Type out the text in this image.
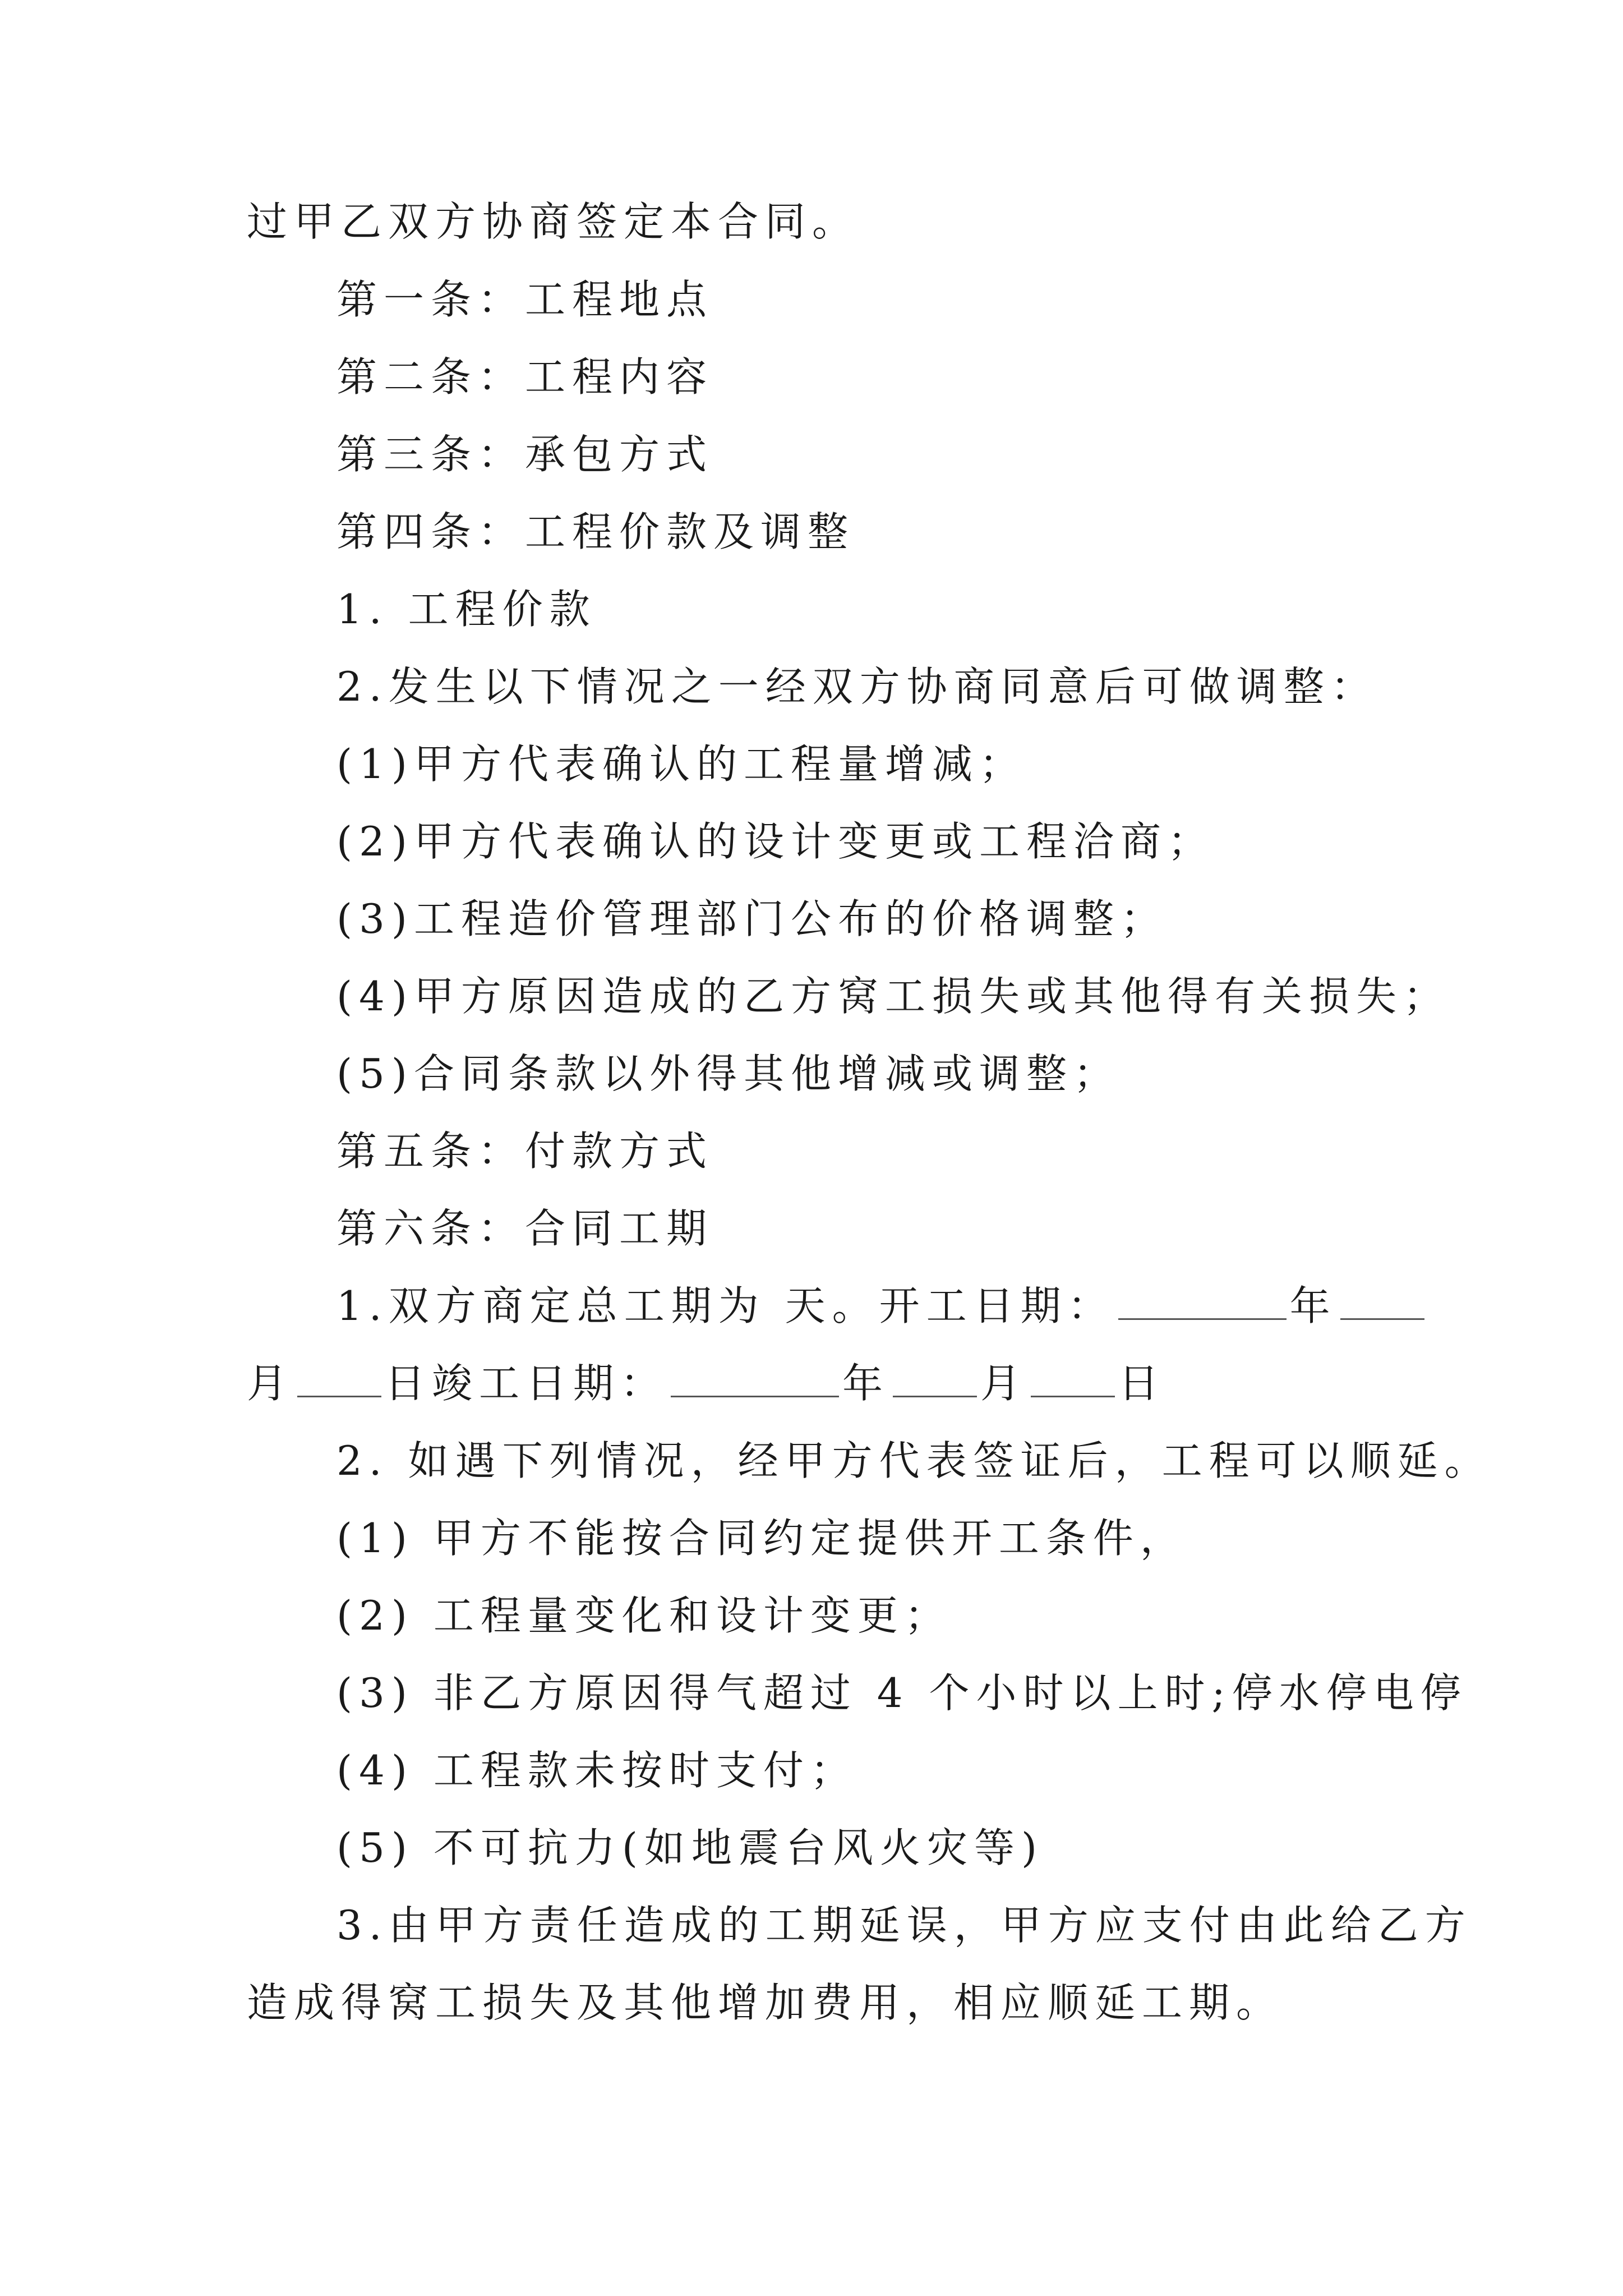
过甲乙双方协商签定本合同。
第一条：工程地点
第二条：工程内容
第三条：承包方式
第四条：工程价款及调整
1. 工程价款
2.发生以下情况之一经双方协商同意后可做调整：
(1)甲方代表确认的工程量增减；
(2)甲方代表确认的设计变更或工程洽商；
(3)工程造价管理部门公布的价格调整；
(4)甲方原因造成的乙方窝工损失或其他得有关损失；
(5)合同条款以外得其他增减或调整；
第五条：付款方式
第六条：合同工期
1.双方商定总工期为 天。开工日期：	年
月 日竣工日期：	年 月 日
2. 如遇下列情况，经甲方代表签证后，工程可以顺延。
(1) 甲方不能按合同约定提供开工条件，
(2) 工程量变化和设计变更；
(3) 非乙方原因得气超过 4 个小时以上时;停水停电停
(4) 工程款未按时支付；
(5) 不可抗力(如地震台风火灾等)
3.由甲方责任造成的工期延误，甲方应支付由此给乙方
造成得窝工损失及其他增加费用，相应顺延工期。
